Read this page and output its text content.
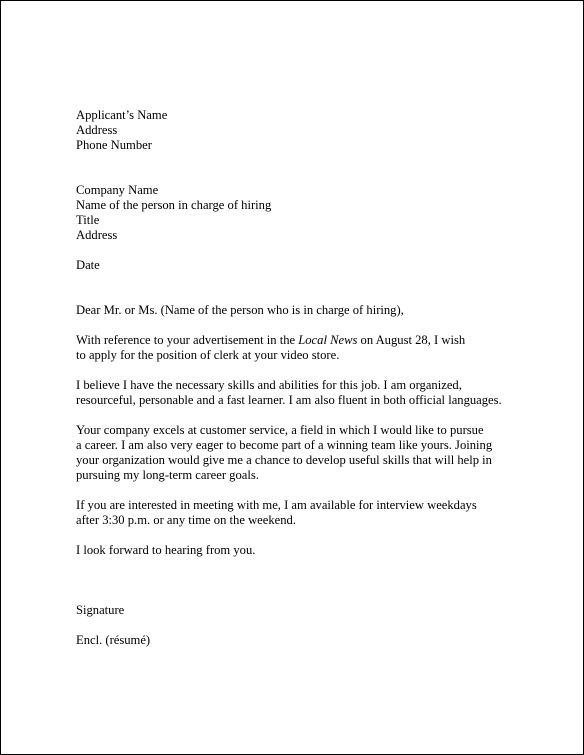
Applicant’s Name
Address
Phone Number
Company Name
Name of the person in charge of hiring
Title
Address
Date
Dear Mr. or Ms. (Name of the person who is in charge of hiring),
With reference to your advertisement in the Local News on August 28, I wish
to apply for the position of clerk at your video store.
I believe I have the necessary skills and abilities for this job. I am organized,
resourceful, personable and a fast learner. I am also fluent in both official languages.
Your company excels at customer service, a field in which I would like to pursue
a career. I am also very eager to become part of a winning team like yours. Joining
your organization would give me a chance to develop useful skills that will help in
pursuing my long-term career goals.
If you are interested in meeting with me, I am available for interview weekdays
after 3:30 p.m. or any time on the weekend.
I look forward to hearing from you.
Signature
Encl. (résumé)
